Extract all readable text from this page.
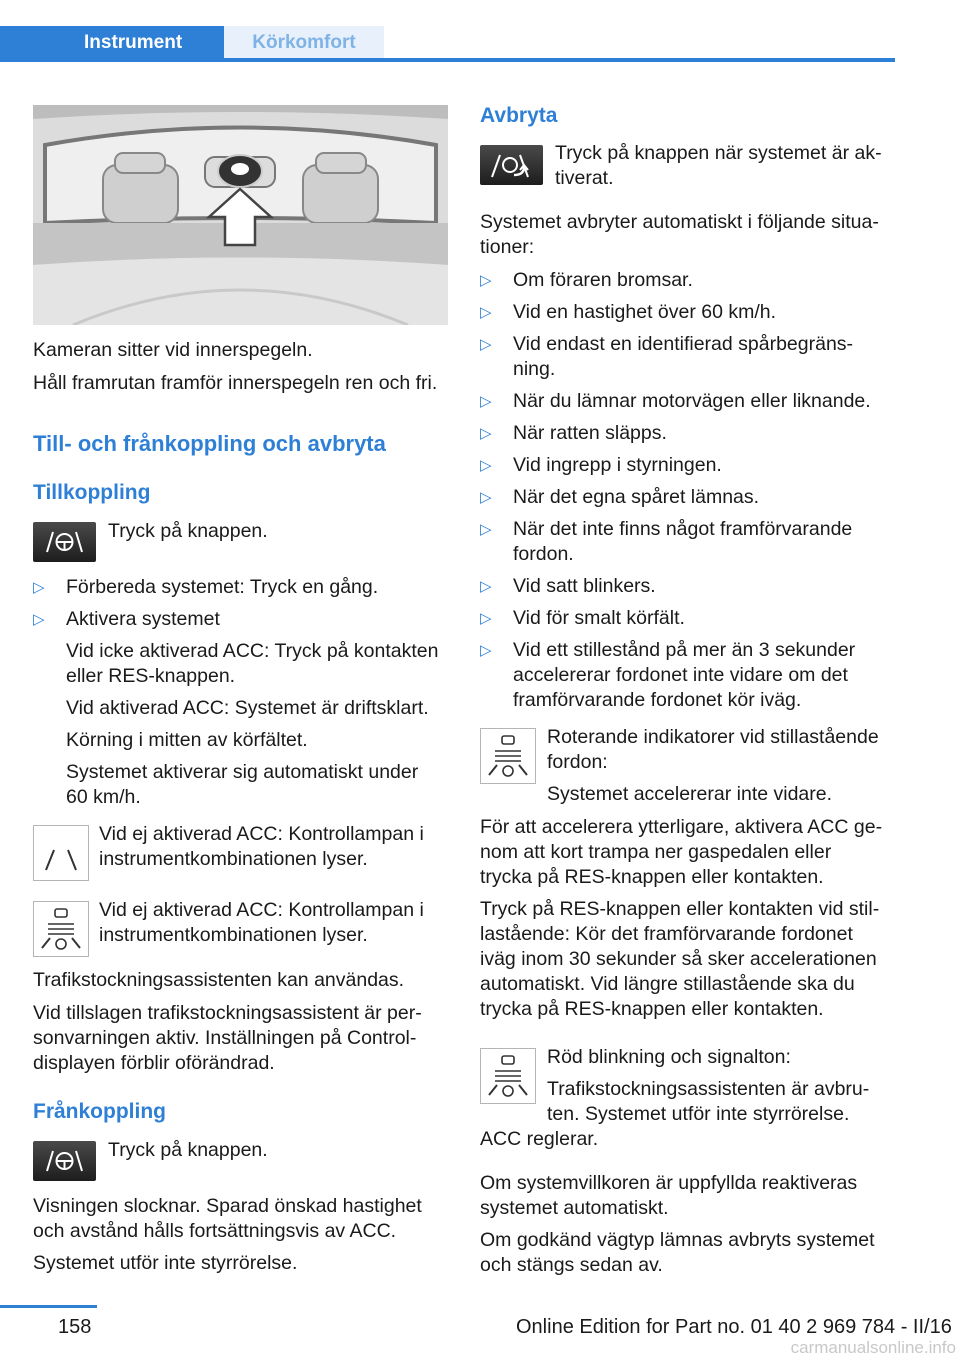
Instrument	Körkomfort
Kameran sitter vid innerspegeln.
Håll framrutan framför innerspegeln ren och fri.
Till- och frånkoppling och avbryta
Tillkoppling
Tryck på knappen.
▷ Förbereda systemet: Tryck en gång.
▷ Aktivera systemet
Vid icke aktiverad ACC: Tryck på kontakten
eller RES-knappen.
Vid aktiverad ACC: Systemet är driftsklart.
Körning i mitten av körfältet.
Systemet aktiverar sig automatiskt under
60 km/h.
Vid ej aktiverad ACC: Kontrollampan i
instrumentkombinationen lyser.
Vid ej aktiverad ACC: Kontrollampan i
instrumentkombinationen lyser.
Trafikstockningsassistenten kan användas.
Vid tillslagen trafikstockningsassistent är per‐
sonvarningen aktiv. Inställningen på Control‐
displayen förblir oförändrad.
Frånkoppling
Tryck på knappen.
Visningen slocknar. Sparad önskad hastighet
och avstånd hålls fortsättningsvis av ACC.
Systemet utför inte styrrörelse.
Avbryta
Tryck på knappen när systemet är ak‐
tiverat.
Systemet avbryter automatiskt i följande situa‐
tioner:
▷ Om föraren bromsar.
▷ Vid en hastighet över 60 km/h.
▷ Vid endast en identifierad spårbegräns‐
ning.
▷ När du lämnar motorvägen eller liknande.
▷ När ratten släpps.
▷ Vid ingrepp i styrningen.
▷ När det egna spåret lämnas.
▷ När det inte finns något framförvarande
fordon.
▷ Vid satt blinkers.
▷ Vid för smalt körfält.
▷ Vid ett stillestånd på mer än 3 sekunder
accelererar fordonet inte vidare om det
framförvarande fordonet kör iväg.
Roterande indikatorer vid stillastående
fordon:
Systemet accelererar inte vidare.
För att accelerera ytterligare, aktivera ACC ge‐
nom att kort trampa ner gaspedalen eller
trycka på RES-knappen eller kontakten.
Tryck på RES-knappen eller kontakten vid stil‐
lastående: Kör det framförvarande fordonet
iväg inom 30 sekunder så sker accelerationen
automatiskt. Vid längre stillastående ska du
trycka på RES-knappen eller kontakten.
Röd blinkning och signalton:
Trafikstockningsassistenten är avbru‐
ten. Systemet utför inte styrrörelse.
ACC reglerar.
Om systemvillkoren är uppfyllda reaktiveras
systemet automatiskt.
Om godkänd vägtyp lämnas avbryts systemet
och stängs sedan av.
158	Online Edition for Part no. 01 40 2 969 784 - II/16
carmanualsonline.info
